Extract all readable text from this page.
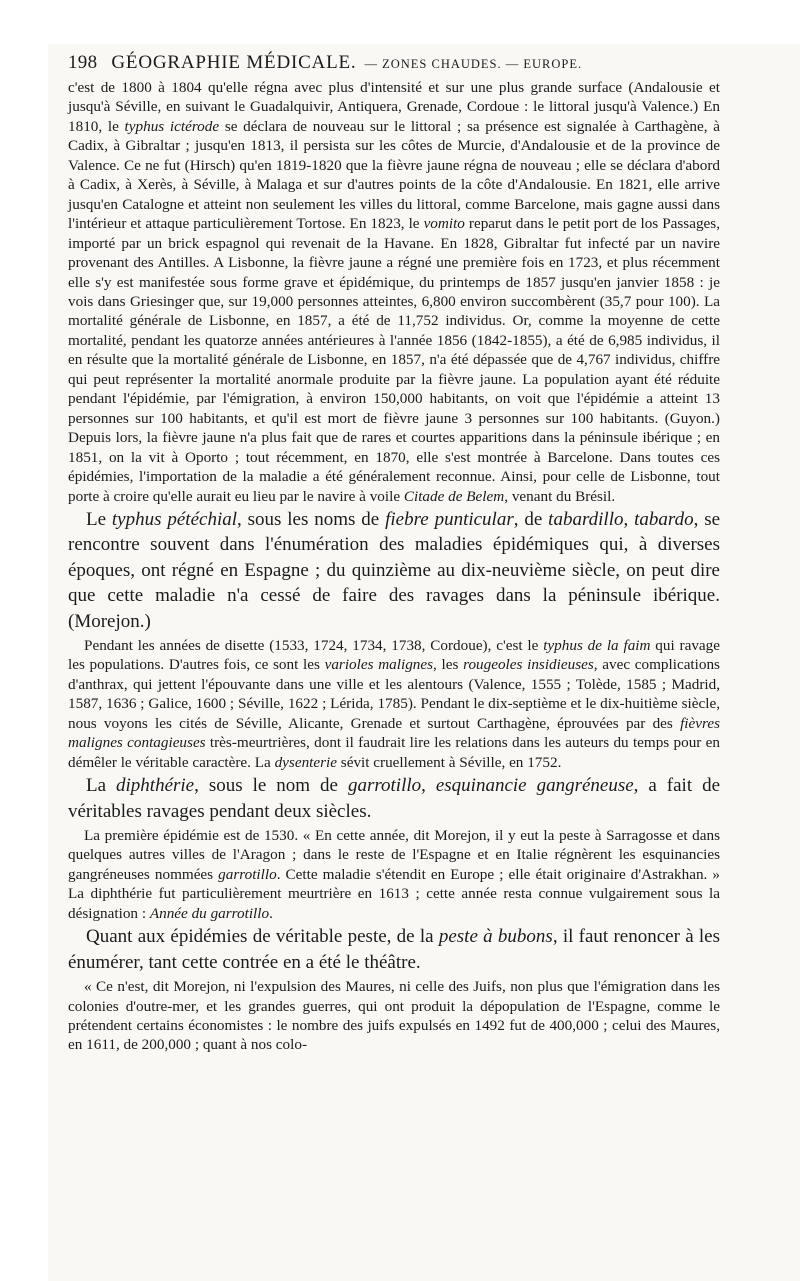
198 GÉOGRAPHIE MÉDICALE. — ZONES CHAUDES. — EUROPE.

c'est de 1800 à 1804 qu'elle régna avec plus d'intensité et sur une plus grande surface (Andalousie et jusqu'à Séville, en suivant le Guadalquivir, Antiquera, Grenade, Cordoue : le littoral jusqu'à Valence.) En 1810, le typhus ictérode se déclara de nouveau sur le littoral ; sa présence est signalée à Carthagène, à Cadix, à Gibraltar ; jusqu'en 1813, il persista sur les côtes de Murcie, d'Andalousie et de la province de Valence. Ce ne fut (Hirsch) qu'en 1819-1820 que la fièvre jaune régna de nouveau ; elle se déclara d'abord à Cadix, à Xerès, à Séville, à Malaga et sur d'autres points de la côte d'Andalousie. En 1821, elle arrive jusqu'en Catalogne et atteint non seulement les villes du littoral, comme Barcelone, mais gagne aussi dans l'intérieur et attaque particulièrement Tortose. En 1823, le vomito reparut dans le petit port de los Passages, importé par un brick espagnol qui revenait de la Havane. En 1828, Gibraltar fut infecté par un navire provenant des Antilles. A Lisbonne, la fièvre jaune a régné une première fois en 1723, et plus récemment elle s'y est manifestée sous forme grave et épidémique, du printemps de 1857 jusqu'en janvier 1858 : je vois dans Griesinger que, sur 19,000 personnes atteintes, 6,800 environ succombèrent (35,7 pour 100). La mortalité générale de Lisbonne, en 1857, a été de 11,752 individus. Or, comme la moyenne de cette mortalité, pendant les quatorze années antérieures à l'année 1856 (1842-1855), a été de 6,985 individus, il en résulte que la mortalité générale de Lisbonne, en 1857, n'a été dépassée que de 4,767 individus, chiffre qui peut représenter la mortalité anormale produite par la fièvre jaune. La population ayant été réduite pendant l'épidémie, par l'émigration, à environ 150,000 habitants, on voit que l'épidémie a atteint 13 personnes sur 100 habitants, et qu'il est mort de fièvre jaune 3 personnes sur 100 habitants. (Guyon.) Depuis lors, la fièvre jaune n'a plus fait que de rares et courtes apparitions dans la péninsule ibérique ; en 1851, on la vit à Oporto ; tout récemment, en 1870, elle s'est montrée à Barcelone. Dans toutes ces épidémies, l'importation de la maladie a été généralement reconnue. Ainsi, pour celle de Lisbonne, tout porte à croire qu'elle aurait eu lieu par le navire à voile Citade de Belem, venant du Brésil.

Le typhus pétéchial, sous les noms de fiebre punticular, de tabardillo, tabardo, se rencontre souvent dans l'énumération des maladies épidémiques qui, à diverses époques, ont régné en Espagne ; du quinzième au dix-neuvième siècle, on peut dire que cette maladie n'a cessé de faire des ravages dans la péninsule ibérique. (Morejon.)

Pendant les années de disette (1533, 1724, 1734, 1738, Cordoue), c'est le typhus de la faim qui ravage les populations. D'autres fois, ce sont les varioles malignes, les rougeoles insidieuses, avec complications d'anthrax, qui jettent l'épouvante dans une ville et les alentours (Valence, 1555 ; Tolède, 1585 ; Madrid, 1587, 1636 ; Galice, 1600 ; Séville, 1622 ; Lérida, 1785). Pendant le dix-septième et le dix-huitième siècle, nous voyons les cités de Séville, Alicante, Grenade et surtout Carthagène, éprouvées par des fièvres malignes contagieuses très-meurtrières, dont il faudrait lire les relations dans les auteurs du temps pour en démêler le véritable caractère. La dysenterie sévit cruellement à Séville, en 1752.

La diphthérie, sous le nom de garrotillo, esquinancie gangréneuse, a fait de véritables ravages pendant deux siècles.

La première épidémie est de 1530. « En cette année, dit Morejon, il y eut la peste à Sarragosse et dans quelques autres villes de l'Aragon ; dans le reste de l'Espagne et en Italie régnèrent les esquinancies gangréneuses nommées garrotillo. Cette maladie s'étendit en Europe ; elle était originaire d'Astrakhan. » La diphthérie fut particulièrement meurtrière en 1613 ; cette année resta connue vulgairement sous la désignation : Année du garrotillo.

Quant aux épidémies de véritable peste, de la peste à bubons, il faut renoncer à les énumérer, tant cette contrée en a été le théâtre.

« Ce n'est, dit Morejon, ni l'expulsion des Maures, ni celle des Juifs, non plus que l'émigration dans les colonies d'outre-mer, et les grandes guerres, qui ont produit la dépopulation de l'Espagne, comme le prétendent certains économistes : le nombre des juifs expulsés en 1492 fut de 400,000 ; celui des Maures, en 1611, de 200,000 ; quant à nos colo-
